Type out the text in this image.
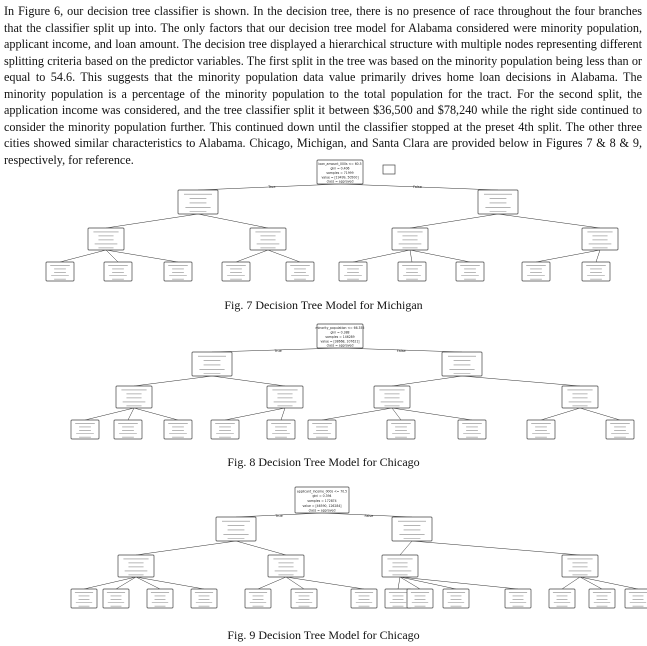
In Figure 6, our decision tree classifier is shown. In the decision tree, there is no presence of race throughout the four branches that the classifier split up into. The only factors that our decision tree model for Alabama considered were minority population, applicant income, and loan amount. The decision tree displayed a hierarchical structure with multiple nodes representing different splitting criteria based on the predictor variables. The first split in the tree was based on the minority population being less than or equal to 54.6. This suggests that the minority population data value primarily drives home loan decisions in Alabama. The minority population is a percentage of the minority population to the total population for the tract. For the second split, the application income was considered, and the tree classifier split it between $36,500 and $78,240 while the right side continued to consider the minority population further. This continued down until the classifier stopped at the preset 4th split. The other three cities showed similar characteristics to Alabama. Chicago, Michigan, and Santa Clara are provided below in Figures 7 & 8 & 9, respectively, for reference.

True	False
loan_amount_000s <= 60.5
gini = 0.406
samples = 71999
value = [19499, 50500]
class = approved
Fig. 7 Decision Tree Model for Michigan
True	False
minority_population <= 66.355
gini = 0.388
samples = 146289
value = [38668, 107621]
class = approved
Fig. 8 Decision Tree Model for Chicago
True	False
applicant_income_000s <= 70.5
gini = 0.394
samples = 172874
value = [46590, 126284]
class = approved
Fig. 9 Decision Tree Model for Chicago
